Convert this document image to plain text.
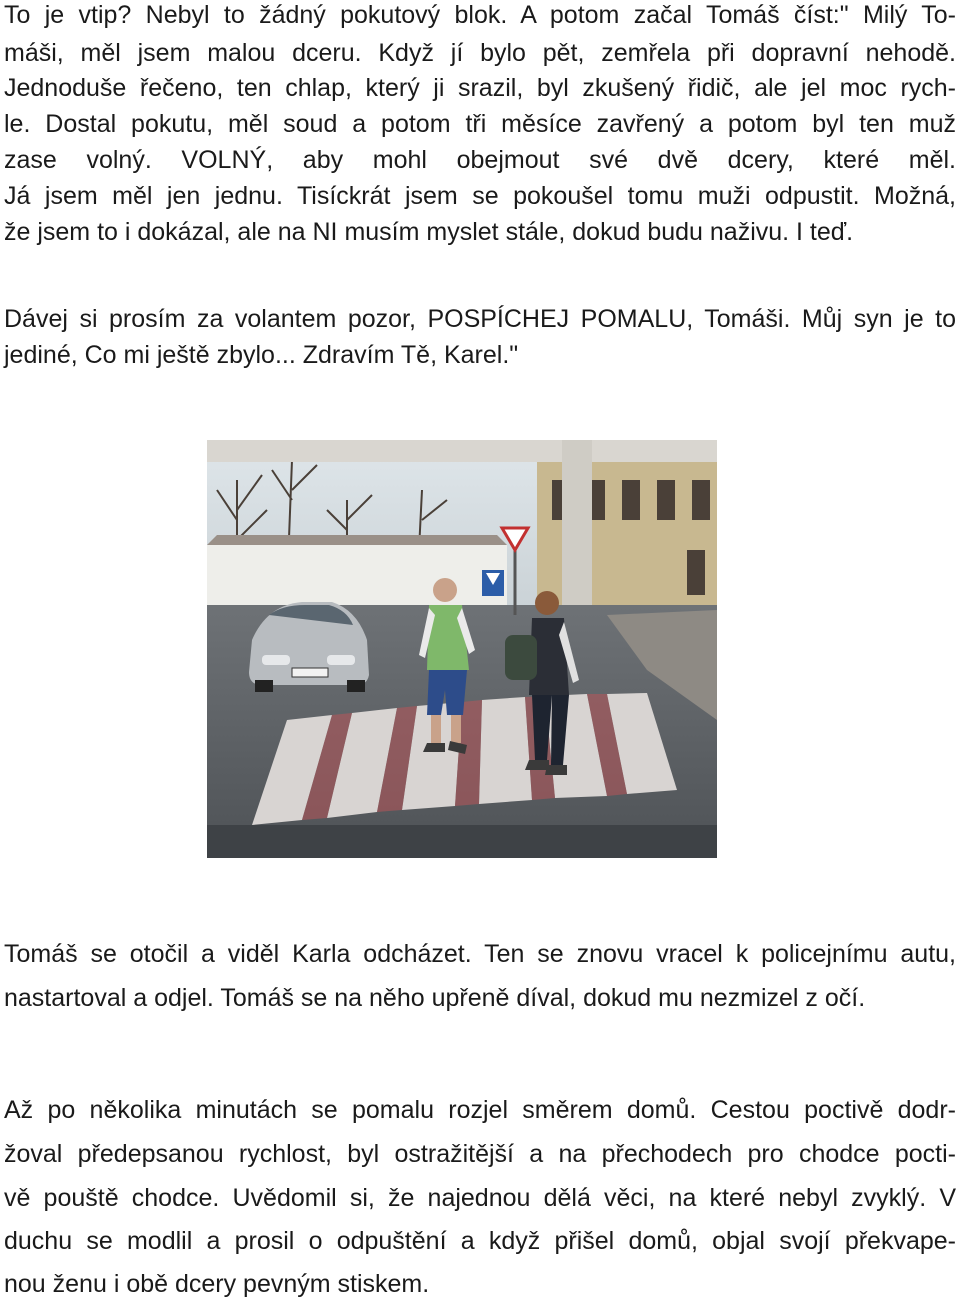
To je vtip? Nebyl to žádný pokutový blok. A potom začal Tomáš číst:" Milý To-
máši, měl jsem malou dceru. Když jí bylo pět, zemřela při dopravní nehodě.
Jednoduše řečeno, ten chlap, který ji srazil, byl zkušený řidič, ale jel moc rych-
le. Dostal pokutu, měl soud a potom tři měsíce zavřený a potom byl ten muž
zase volný. VOLNÝ, aby mohl obejmout své dvě dcery, které měl.
Já jsem měl jen jednu. Tisíckrát jsem se pokoušel tomu muži odpustit. Možná,
že jsem to i dokázal, ale na NI musím myslet stále, dokud budu naživu. I teď.
Dávej si prosím za volantem pozor, POSPÍCHEJ POMALU, Tomáši. Můj syn je to
jediné, Co mi ještě zbylo... Zdravím Tě, Karel."
Tomáš se otočil a viděl Karla odcházet. Ten se znovu vracel k policejnímu autu,
nastartoval a odjel. Tomáš se na něho upřeně díval, dokud mu nezmizel z očí.
Až po několika minutách se pomalu rozjel směrem domů. Cestou poctivě dodr-
žoval předepsanou rychlost, byl ostražitější a na přechodech pro chodce pocti-
vě pouště chodce. Uvědomil si, že najednou dělá věci, na které nebyl zvyklý. V
duchu se modlil a prosil o odpuštění a když přišel domů, objal svojí překvape-
nou ženu i obě dcery pevným stiskem.
